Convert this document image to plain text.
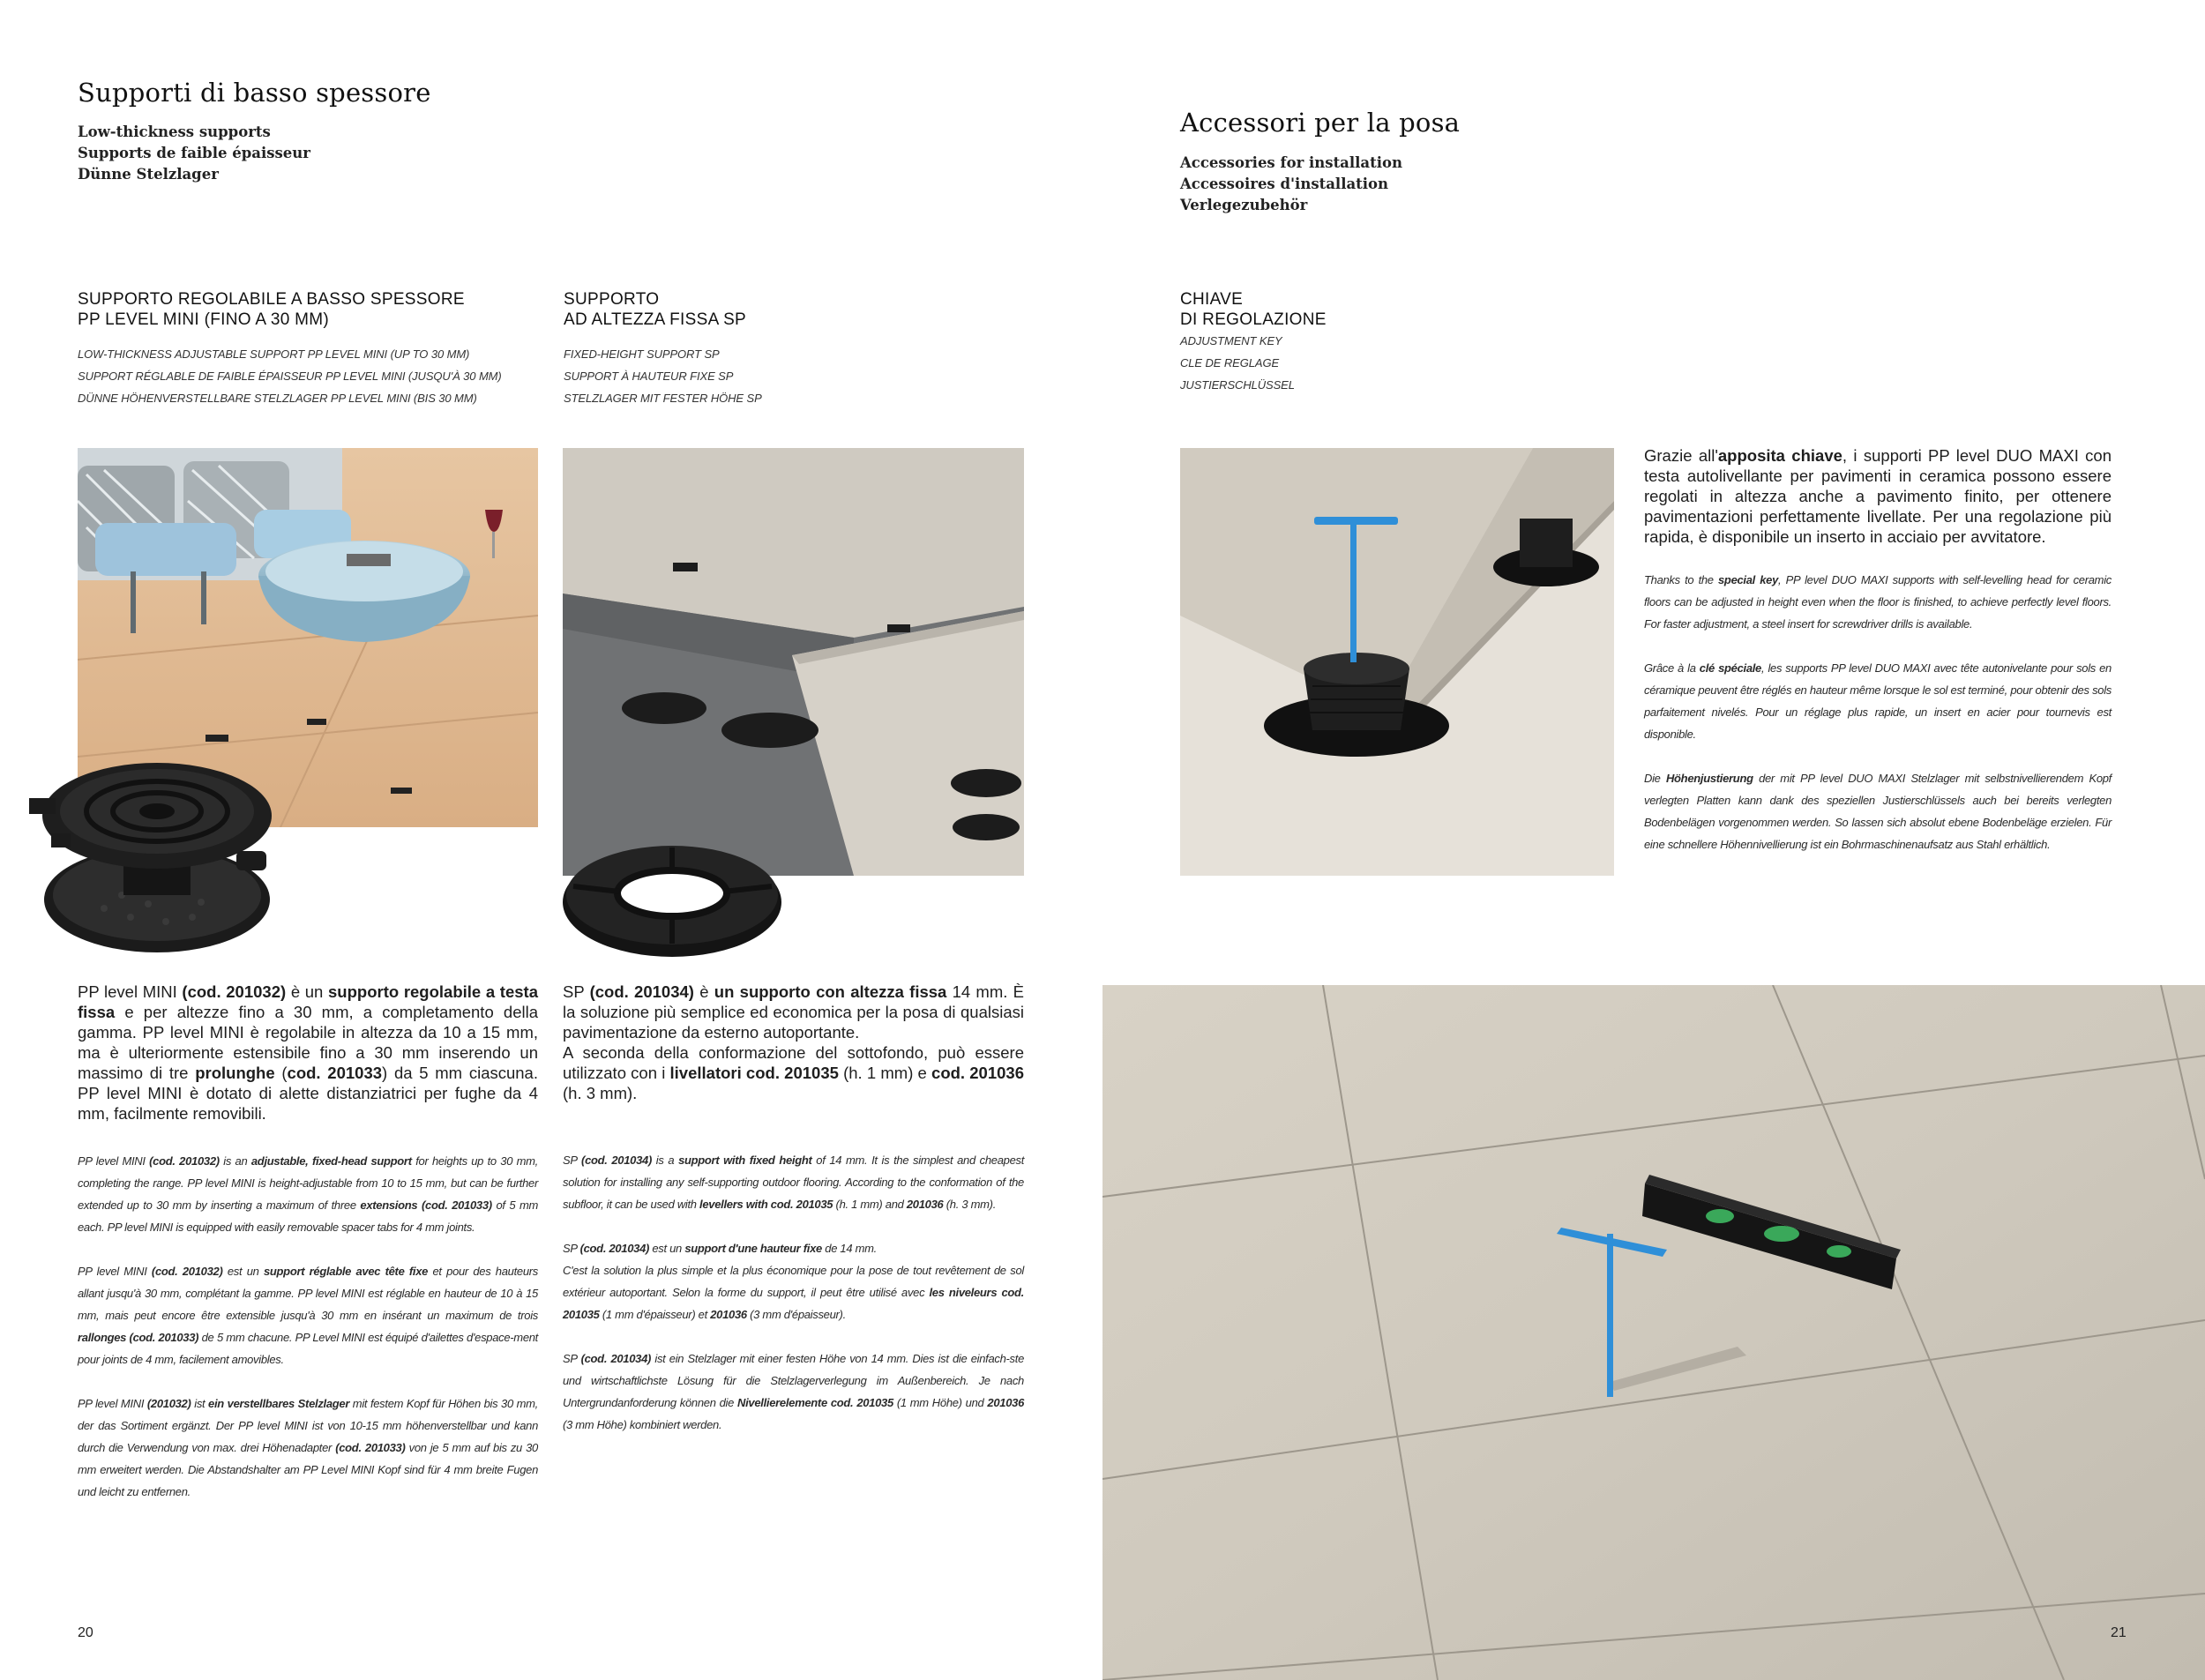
Supporti di basso spessore
Low-thickness supports
Supports de faible épaisseur
Dünne Stelzlager
Accessori per la posa
Accessories for installation
Accessoires d'installation
Verlegezubehör
SUPPORTO REGOLABILE A BASSO SPESSORE
PP LEVEL MINI (FINO A 30 MM)
LOW-THICKNESS ADJUSTABLE SUPPORT PP LEVEL MINI (UP TO 30 MM)
SUPPORT RÉGLABLE DE FAIBLE ÉPAISSEUR PP LEVEL MINI (JUSQU'À 30 MM)
DÜNNE HÖHENVERSTELLBARE STELZLAGER PP LEVEL MINI (BIS 30 MM)
SUPPORTO
AD ALTEZZA FISSA SP
FIXED-HEIGHT SUPPORT SP
SUPPORT À HAUTEUR FIXE SP
STELZLAGER MIT FESTER HÖHE SP
CHIAVE
DI REGOLAZIONE
ADJUSTMENT KEY
CLE DE REGLAGE
JUSTIERSCHLÜSSEL
Grazie all'apposita chiave, i supporti PP level DUO MAXI con testa autolivellante per pavimenti in ceramica possono essere regolati in altezza anche a pavimento finito, per ottenere pavimentazioni perfettamente livellate. Per una regolazione più rapida, è disponibile un inserto in acciaio per avvitatore.

Thanks to the special key, PP level DUO MAXI supports with self-levelling head for ceramic floors can be adjusted in height even when the floor is finished, to achieve perfectly level floors. For faster adjustment, a steel insert for screwdriver drills is available.

Grâce à la clé spéciale, les supports PP level DUO MAXI avec tête autonivelante pour sols en céramique peuvent être réglés en hauteur même lorsque le sol est terminé, pour obtenir des sols parfaitement nivelés. Pour un réglage plus rapide, un insert en acier pour tournevis est disponible.

Die Höhenjustierung der mit PP level DUO MAXI Stelzlager mit selbstnivellierendem Kopf verlegten Platten kann dank des speziellen Justierschlüssels auch bei bereits verlegten Bodenbelägen vorgenommen werden. So lassen sich absolut ebene Bodenbeläge erzielen. Für eine schnellere Höhennivellierung ist ein Bohrmaschinenaufsatz aus Stahl erhältlich.

PP level MINI (cod. 201032) è un supporto regolabile a testa fissa e per altezze fino a 30 mm, a completamento della gamma. PP level MINI è regolabile in altezza da 10 a 15 mm, ma è ulteriormente estensibile fino a 30 mm inserendo un massimo di tre prolunghe (cod. 201033) da 5 mm ciascuna. PP level MINI è dotato di alette distanziatrici per fughe da 4 mm, facilmente removibili.

PP level MINI (cod. 201032) is an adjustable, fixed-head support for heights up to 30 mm, completing the range. PP level MINI is height-adjustable from 10 to 15 mm, but can be further extended up to 30 mm by inserting a maximum of three extensions (cod. 201033) of 5 mm each. PP level MINI is equipped with easily removable spacer tabs for 4 mm joints.

PP level MINI (cod. 201032) est un support réglable avec tête fixe et pour des hauteurs allant jusqu'à 30 mm, complétant la gamme. PP level MINI est réglable en hauteur de 10 à 15 mm, mais peut encore être extensible jusqu'à 30 mm en insérant un maximum de trois rallonges (cod. 201033) de 5 mm chacune. PP Level MINI est équipé d'ailettes d'espace-ment pour joints de 4 mm, facilement amovibles.

PP level MINI (201032) ist ein verstellbares Stelzlager mit festem Kopf für Höhen bis 30 mm, der das Sortiment ergänzt. Der PP level MINI ist von 10-15 mm höhenverstellbar und kann durch die Verwendung von max. drei Höhenadapter (cod. 201033) von je 5 mm auf bis zu 30 mm erweitert werden. Die Abstandshalter am PP Level MINI Kopf sind für 4 mm breite Fugen und leicht zu entfernen.

SP (cod. 201034) è un supporto con altezza fissa 14 mm. È la soluzione più semplice ed economica per la posa di qualsiasi pavimentazione da esterno autoportante.
A seconda della conformazione del sottofondo, può essere utilizzato con i livellatori cod. 201035 (h. 1 mm) e cod. 201036 (h. 3 mm).

SP (cod. 201034) is a support with fixed height of 14 mm. It is the simplest and cheapest solution for installing any self-supporting outdoor flooring. According to the conformation of the subfloor, it can be used with levellers with cod. 201035 (h. 1 mm) and 201036 (h. 3 mm).

SP (cod. 201034) est un support d'une hauteur fixe de 14 mm.
C'est la solution la plus simple et la plus économique pour la pose de tout revêtement de sol extérieur autoportant. Selon la forme du support, il peut être utilisé avec les niveleurs cod. 201035 (1 mm d'épaisseur) et 201036 (3 mm d'épaisseur).

SP (cod. 201034) ist ein Stelzlager mit einer festen Höhe von 14 mm. Dies ist die einfach-ste und wirtschaftlichste Lösung für die Stelzlagerverlegung im Außenbereich. Je nach Untergrundanforderung können die Nivellierelemente cod. 201035 (1 mm Höhe) und 201036 (3 mm Höhe) kombiniert werden.

20	21
